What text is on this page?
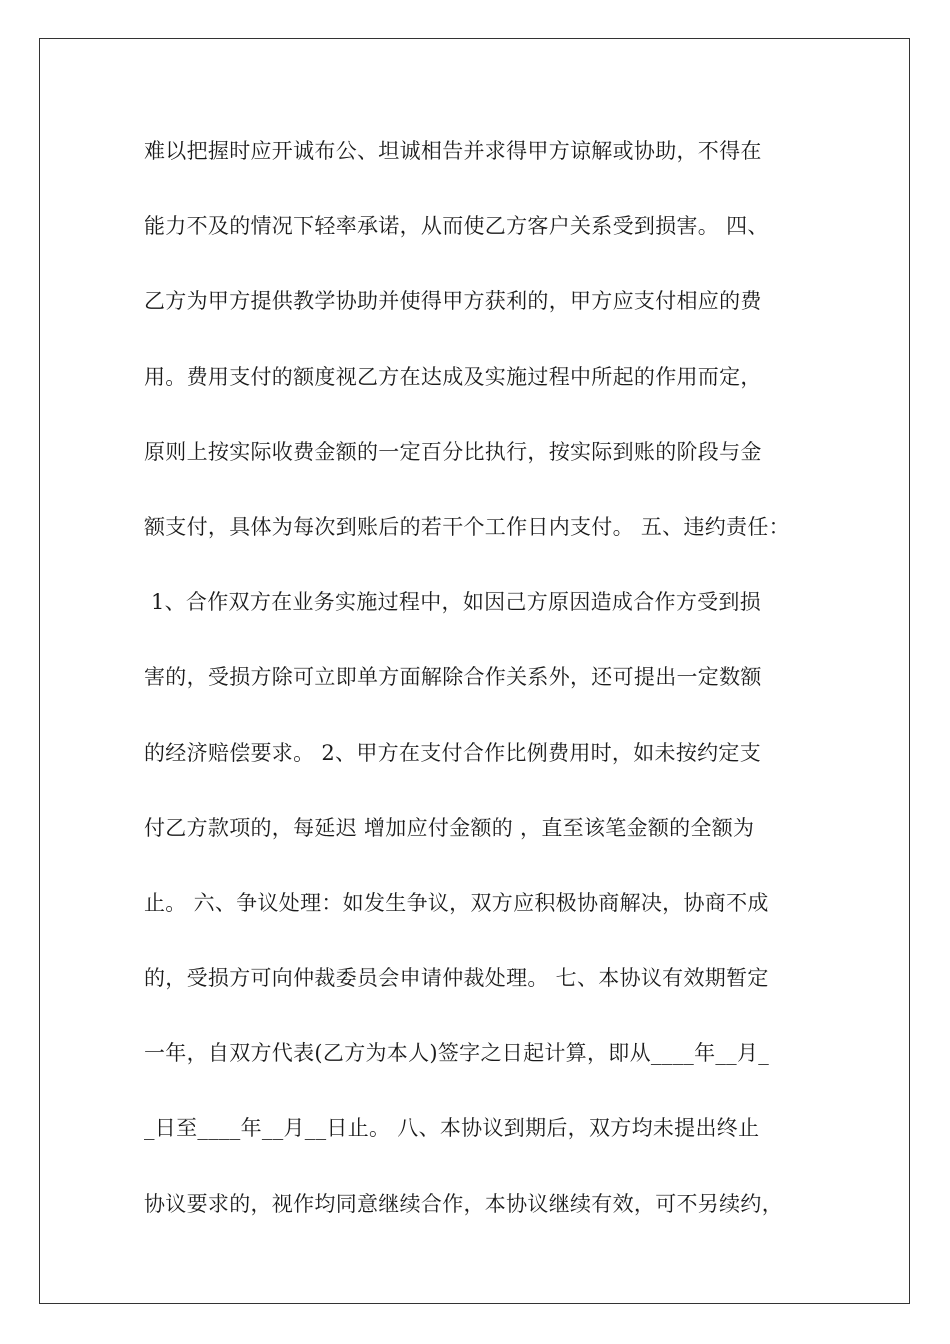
难以把握时应开诚布公、坦诚相告并求得甲方谅解或协助，不得在
能力不及的情况下轻率承诺，从而使乙方客户关系受到损害。 四、
乙方为甲方提供教学协助并使得甲方获利的，甲方应支付相应的费
用。费用支付的额度视乙方在达成及实施过程中所起的作用而定，
原则上按实际收费金额的一定百分比执行，按实际到账的阶段与金
额支付，具体为每次到账后的若干个工作日内支付。 五、违约责任：
1、合作双方在业务实施过程中，如因己方原因造成合作方受到损
害的，受损方除可立即单方面解除合作关系外，还可提出一定数额
的经济赔偿要求。 2、甲方在支付合作比例费用时，如未按约定支
付乙方款项的，每延迟 增加应付金额的 ，直至该笔金额的全额为
止。 六、争议处理：如发生争议，双方应积极协商解决，协商不成
的，受损方可向仲裁委员会申请仲裁处理。 七、本协议有效期暂定
一年，自双方代表(乙方为本人)签字之日起计算，即从____年__月_
_日至____年__月__日止。 八、本协议到期后，双方均未提出终止
协议要求的，视作均同意继续合作，本协议继续有效，可不另续约，
